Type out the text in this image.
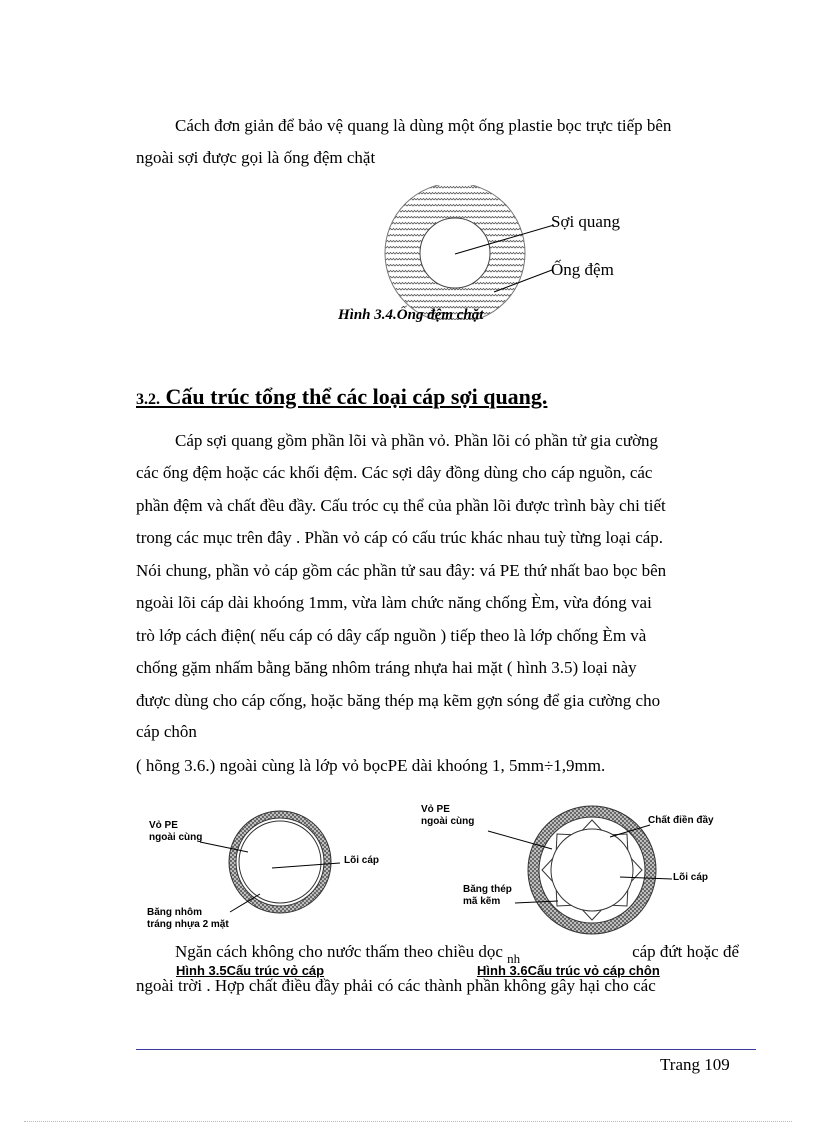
Cách đơn giản để bảo vệ quang là dùng một ống plastie bọc trực tiếp bên
ngoài sợi được gọi là ống đệm chặt
Sợi quang
Ống đệm
Hình 3.4.Ống đệm chặt
3.2. Cấu trúc tổng thể các loại cáp sợi quang.
Cáp sợi quang gồm phần lõi và phần vỏ. Phần lõi có phần tử gia cường
các ống đệm hoặc các khối đệm. Các sợi dây đồng dùng cho cáp nguồn, các
phần đệm và chất đều đầy. Cấu tróc cụ thể của phần lõi được trình bày chi tiết
trong các mục trên đây . Phần vỏ cáp có cấu trúc khác nhau tuỳ từng loại cáp.
Nói chung, phần vỏ cáp gồm các phần tử sau đây: vá PE thứ nhất bao bọc bên
ngoài lõi cáp dài khoóng 1mm, vừa làm chức năng chống Èm, vừa đóng vai
trò lớp cách điện( nếu cáp có dây cấp nguồn ) tiếp theo là lớp chống Èm và
chống gặm nhấm bằng băng nhôm tráng nhựa hai mặt ( hình 3.5) loại này
được dùng cho cáp cống, hoặc băng thép mạ kẽm gợn sóng để gia cường cho
cáp chôn
( hõng 3.6.) ngoài cùng là lớp vỏ bọcPE dài khoóng 1, 5mm÷1,9mm.
Vỏ PE
ngoài cùng
Lõi cáp
Băng nhôm
tráng nhựa 2 mặt
Hình 3.5Cấu trúc vỏ cáp
Vỏ PE
ngoài cùng	Chất điền đầy
Lõi cáp
Băng thép
mã kẽm
Hình 3.6Cấu trúc vỏ cáp chôn
Ngăn cách không cho nước thấm theo chiều dọc $_{nh}$	cáp đứt hoặc để
ngoài trời . Hợp chất điều đầy phải có các thành phần không gây hại cho các
Trang 109
